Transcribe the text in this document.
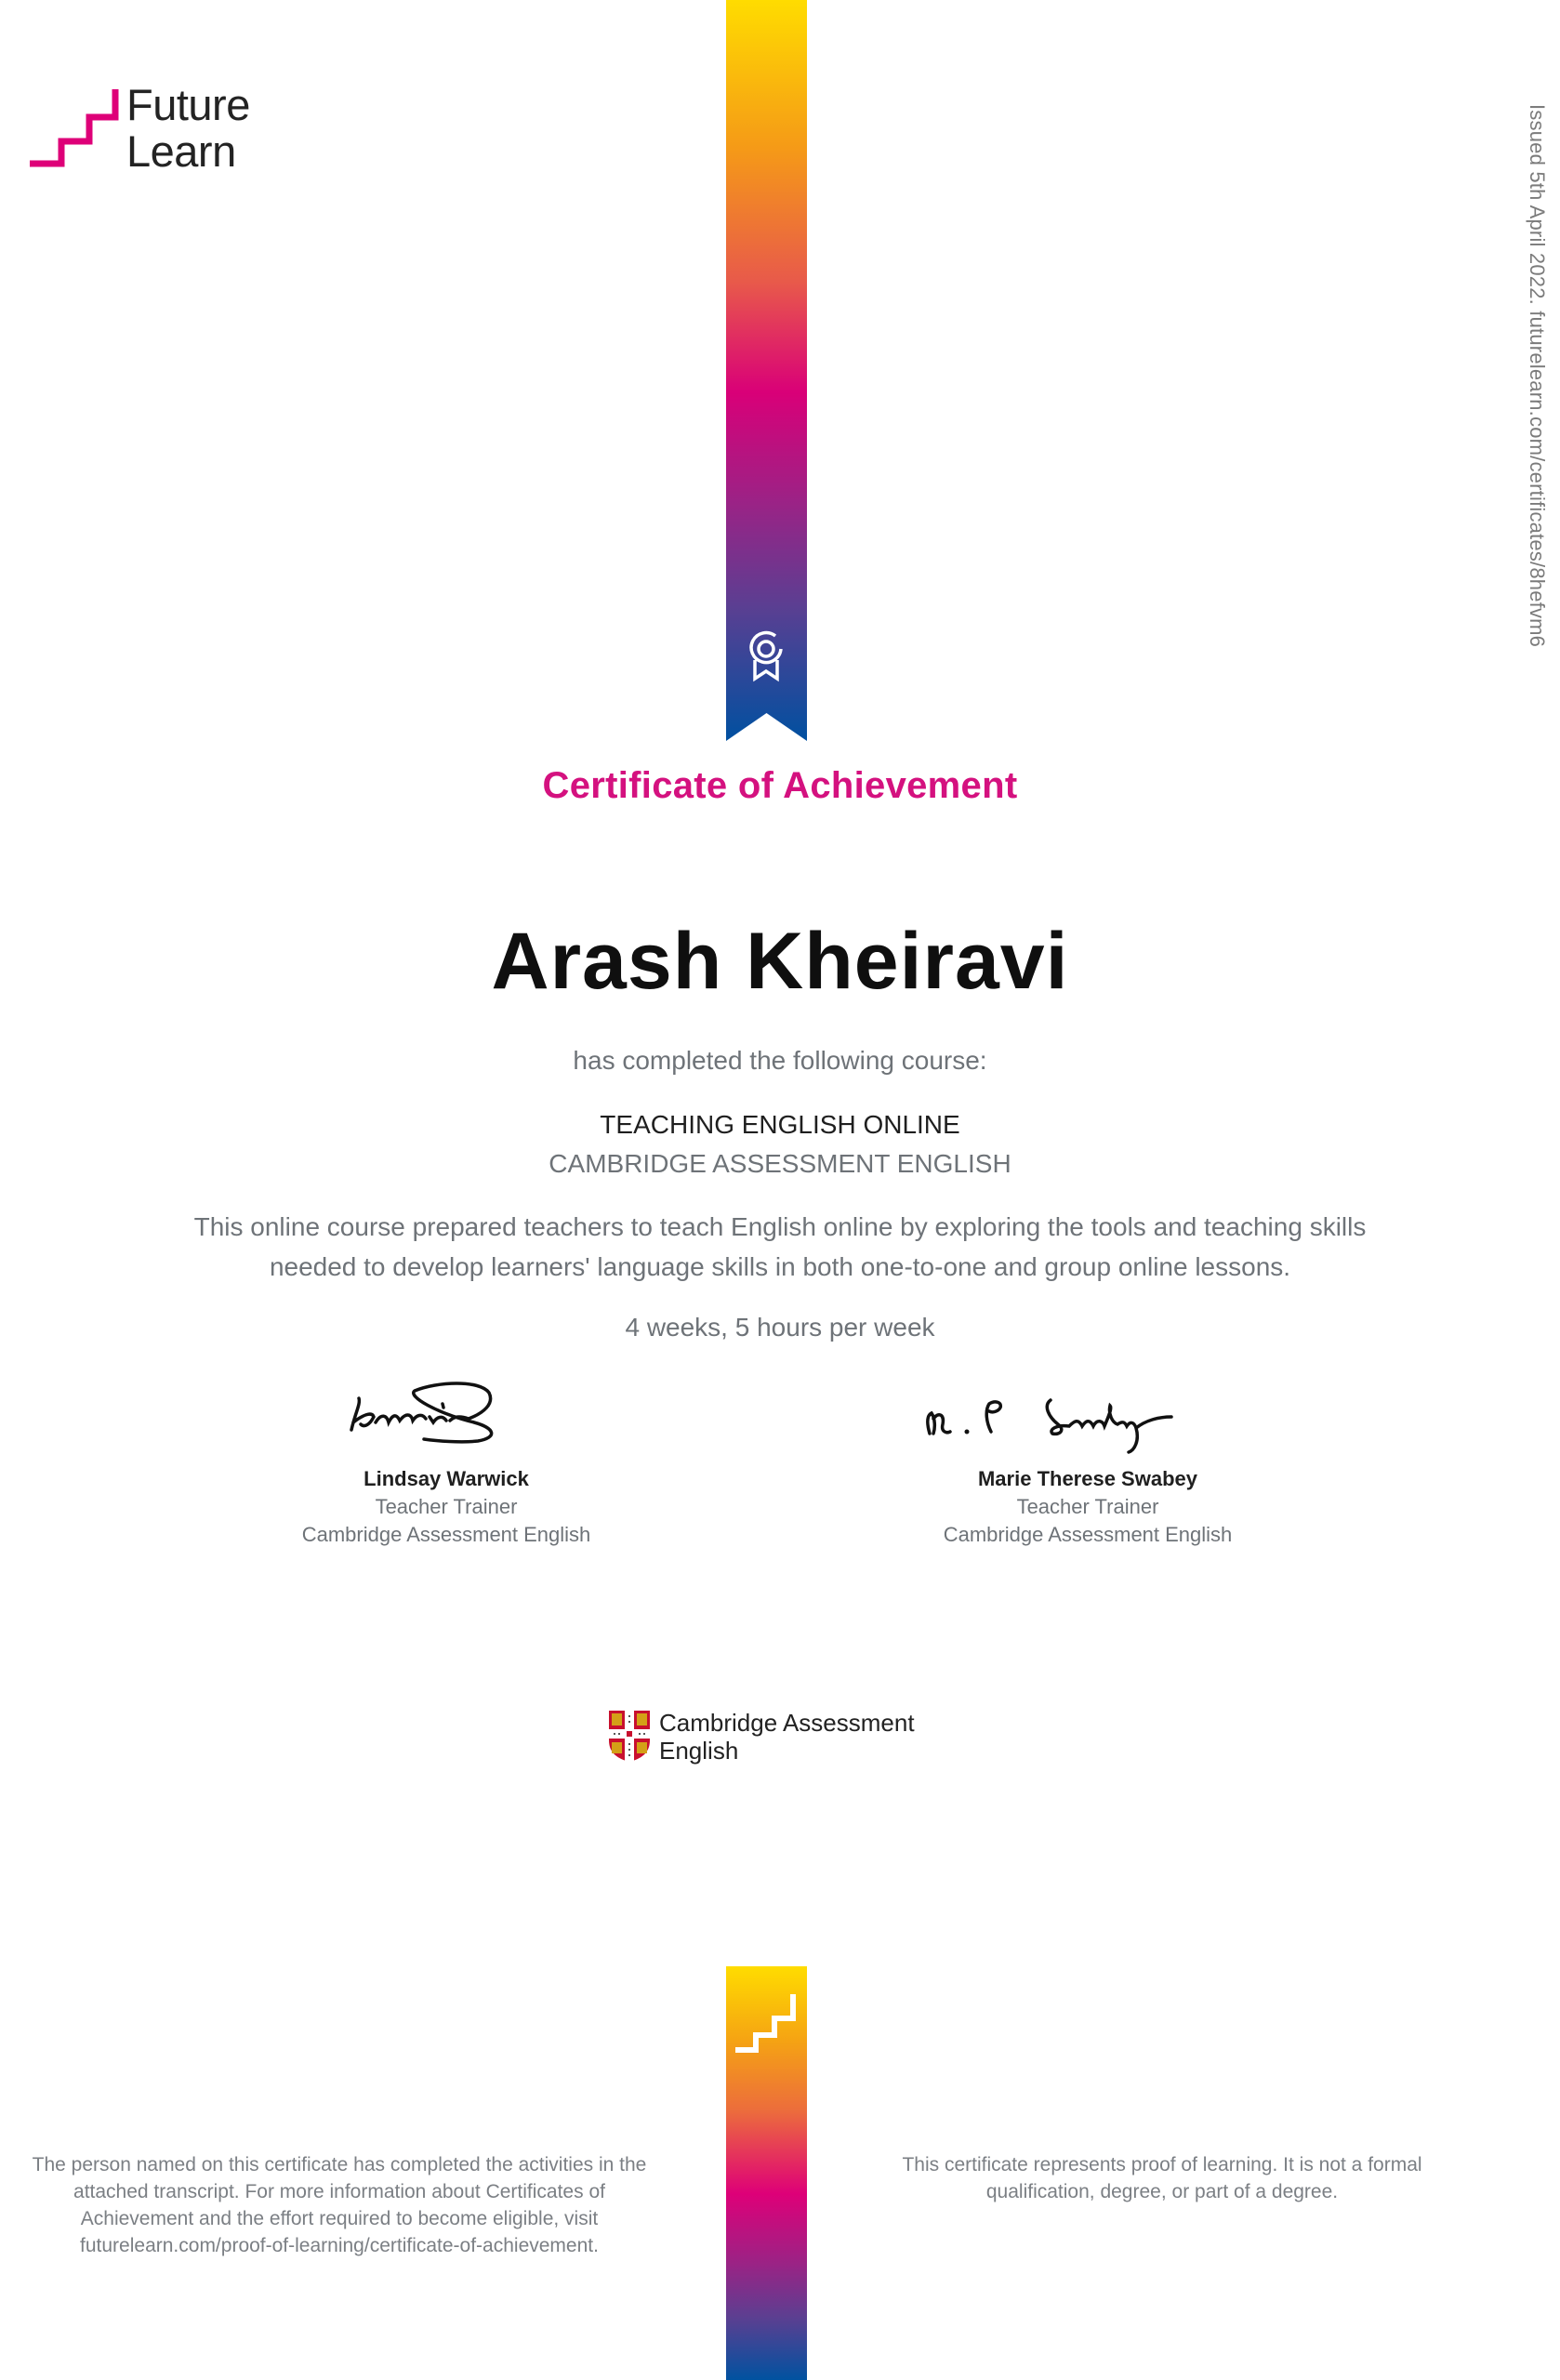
Future
Learn	Issued 5th April 2022. futurelearn.com/certificates/8hefvm6
Certificate of Achievement
Arash Kheiravi
has completed the following course:
TEACHING ENGLISH ONLINE
CAMBRIDGE ASSESSMENT ENGLISH
This online course prepared teachers to teach English online by exploring the tools and teaching skills
needed to develop learners' language skills in both one-to-one and group online lessons.
4 weeks, 5 hours per week
Lindsay Warwick
Teacher Trainer
Cambridge Assessment English
Marie Therese Swabey
Teacher Trainer
Cambridge Assessment English
Cambridge Assessment
English
The person named on this certificate has completed the activities in the
attached transcript. For more information about Certificates of
Achievement and the effort required to become eligible, visit
futurelearn.com/proof-of-learning/certificate-of-achievement.
This certificate represents proof of learning. It is not a formal
qualification, degree, or part of a degree.
